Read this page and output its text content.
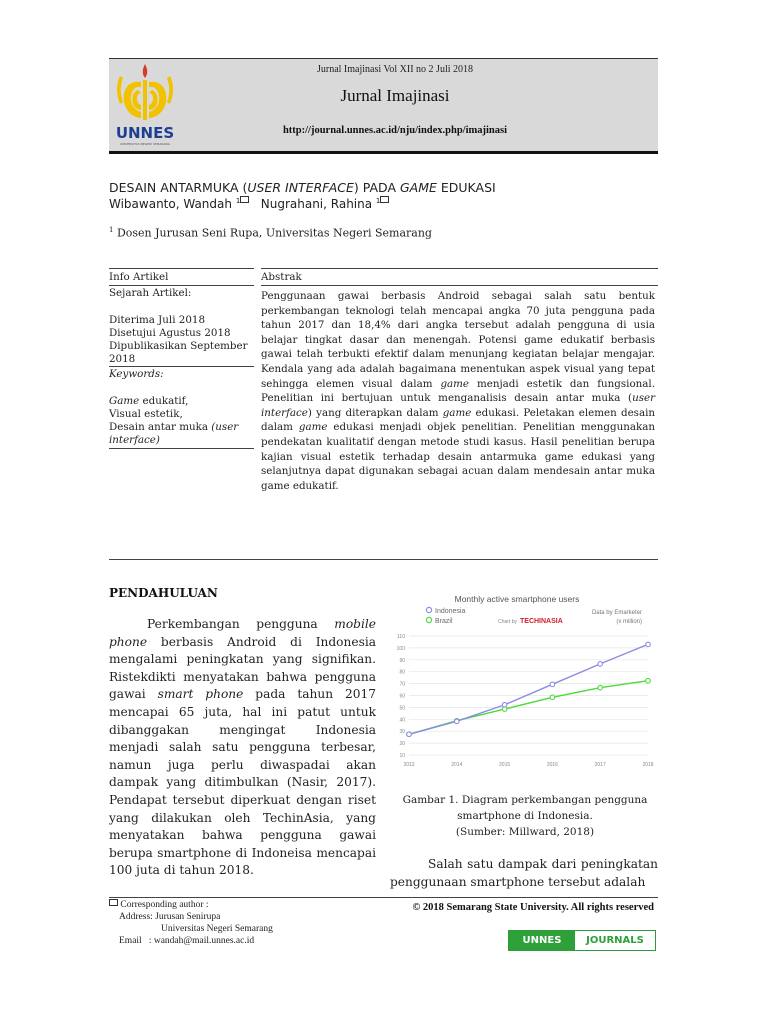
UNNES
UNIVERSITAS NEGERI SEMARANG
Jurnal Imajinasi Vol XII no 2 Juli 2018
Jurnal Imajinasi
http://journal.unnes.ac.id/nju/index.php/imajinasi
DESAIN ANTARMUKA (USER INTERFACE) PADA GAME EDUKASI
Wibawanto, Wandah $^1$ Nugrahani, Rahina $^1$
$^1$ Dosen Jurusan Seni Rupa, Universitas Negeri Semarang
Info Artikel
Sejarah Artikel:
Diterima Juli 2018
Disetujui Agustus 2018
Dipublikasikan September 2018
Keywords:
Game edukatif,
Visual estetik,
Desain antar muka (user interface)
Abstrak

Penggunaan gawai berbasis Android sebagai salah satu bentuk perkembangan teknologi telah mencapai angka 70 juta pengguna pada tahun 2017 dan 18,4% dari angka tersebut adalah pengguna di usia belajar tingkat dasar dan menengah. Potensi game edukatif berbasis gawai telah terbukti efektif dalam menunjang kegiatan belajar mengajar. Kendala yang ada adalah bagaimana menentukan aspek visual yang tepat sehingga elemen visual dalam game menjadi estetik dan fungsional. Penelitian ini bertujuan untuk menganalisis desain antar muka (user interface) yang diterapkan dalam game edukasi. Peletakan elemen desain dalam game edukasi menjadi objek penelitian. Penelitian menggunakan pendekatan kualitatif dengan metode studi kasus. Hasil penelitian berupa kajian visual estetik terhadap desain antarmuka game edukasi yang selanjutnya dapat digunakan sebagai acuan dalam mendesain antar muka game edukatif.

PENDAHULUAN

Perkembangan pengguna mobile phone berbasis Android di Indonesia mengalami peningkatan yang signifikan. Ristekdikti menyatakan bahwa pengguna gawai smart phone pada tahun 2017 mencapai 65 juta, hal ini patut untuk dibanggakan mengingat Indonesia menjadi salah satu pengguna terbesar, namun juga perlu diwaspadai akan dampak yang ditimbulkan (Nasir, 2017). Pendapat tersebut diperkuat dengan riset yang dilakukan oleh TechinAsia, yang menyatakan bahwa pengguna gawai berupa smartphone di Indoneisa mencapai 100 juta di tahun 2018.

Monthly active smartphone users
Indonesia
Brazil	Chart by TECHINASIA
Data by Emarketer
(x million)
10
20
30
40
50
60
70
80
90
100
110
2013	2014	2015	2016	2017	2018
Gambar 1. Diagram perkembangan pengguna
smartphone di Indonesia.
(Sumber: Millward, 2018)

Salah satu dampak dari peningkatan penggunaan smartphone tersebut adalah

Corresponding author :
Address: Jurusan Senirupa
Universitas Negeri Semarang
Email : wandah@mail.unnes.ac.id
© 2018 Semarang State University. All rights reserved
UNNES	JOURNALS
